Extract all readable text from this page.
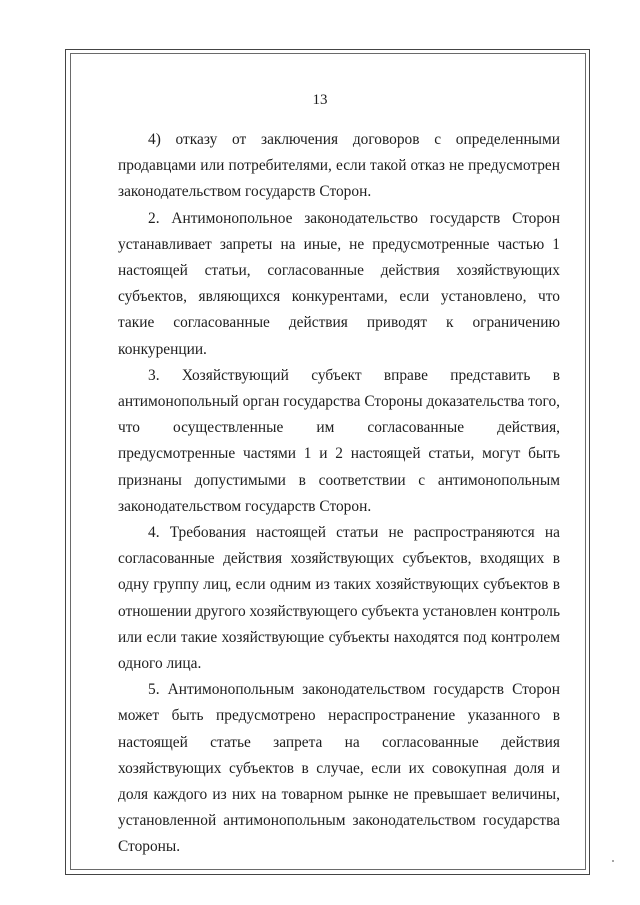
13

4) отказу от заключения договоров с определенными продавцами или потребителями, если такой отказ не предусмотрен законодательством государств Сторон.

2. Антимонопольное законодательство государств Сторон устанавливает запреты на иные, не предусмотренные частью 1 настоящей статьи, согласованные действия хозяйствующих субъектов, являющихся конкурентами, если установлено, что такие согласованные действия приводят к ограничению конкуренции.

3. Хозяйствующий субъект вправе представить в антимонопольный орган государства Стороны доказательства того, что осуществленные им согласованные действия, предусмотренные частями 1 и 2 настоящей статьи, могут быть признаны допустимыми в соответствии с антимонопольным законодательством государств Сторон.

4. Требования настоящей статьи не распространяются на согласованные действия хозяйствующих субъектов, входящих в одну группу лиц, если одним из таких хозяйствующих субъектов в отношении другого хозяйствующего субъекта установлен контроль или если такие хозяйствующие субъекты находятся под контролем одного лица.

5. Антимонопольным законодательством государств Сторон может быть предусмотрено нераспространение указанного в настоящей статье запрета на согласованные действия хозяйствующих субъектов в случае, если их совокупная доля и доля каждого из них на товарном рынке не превышает величины, установленной антимонопольным законодательством государства Стороны.
